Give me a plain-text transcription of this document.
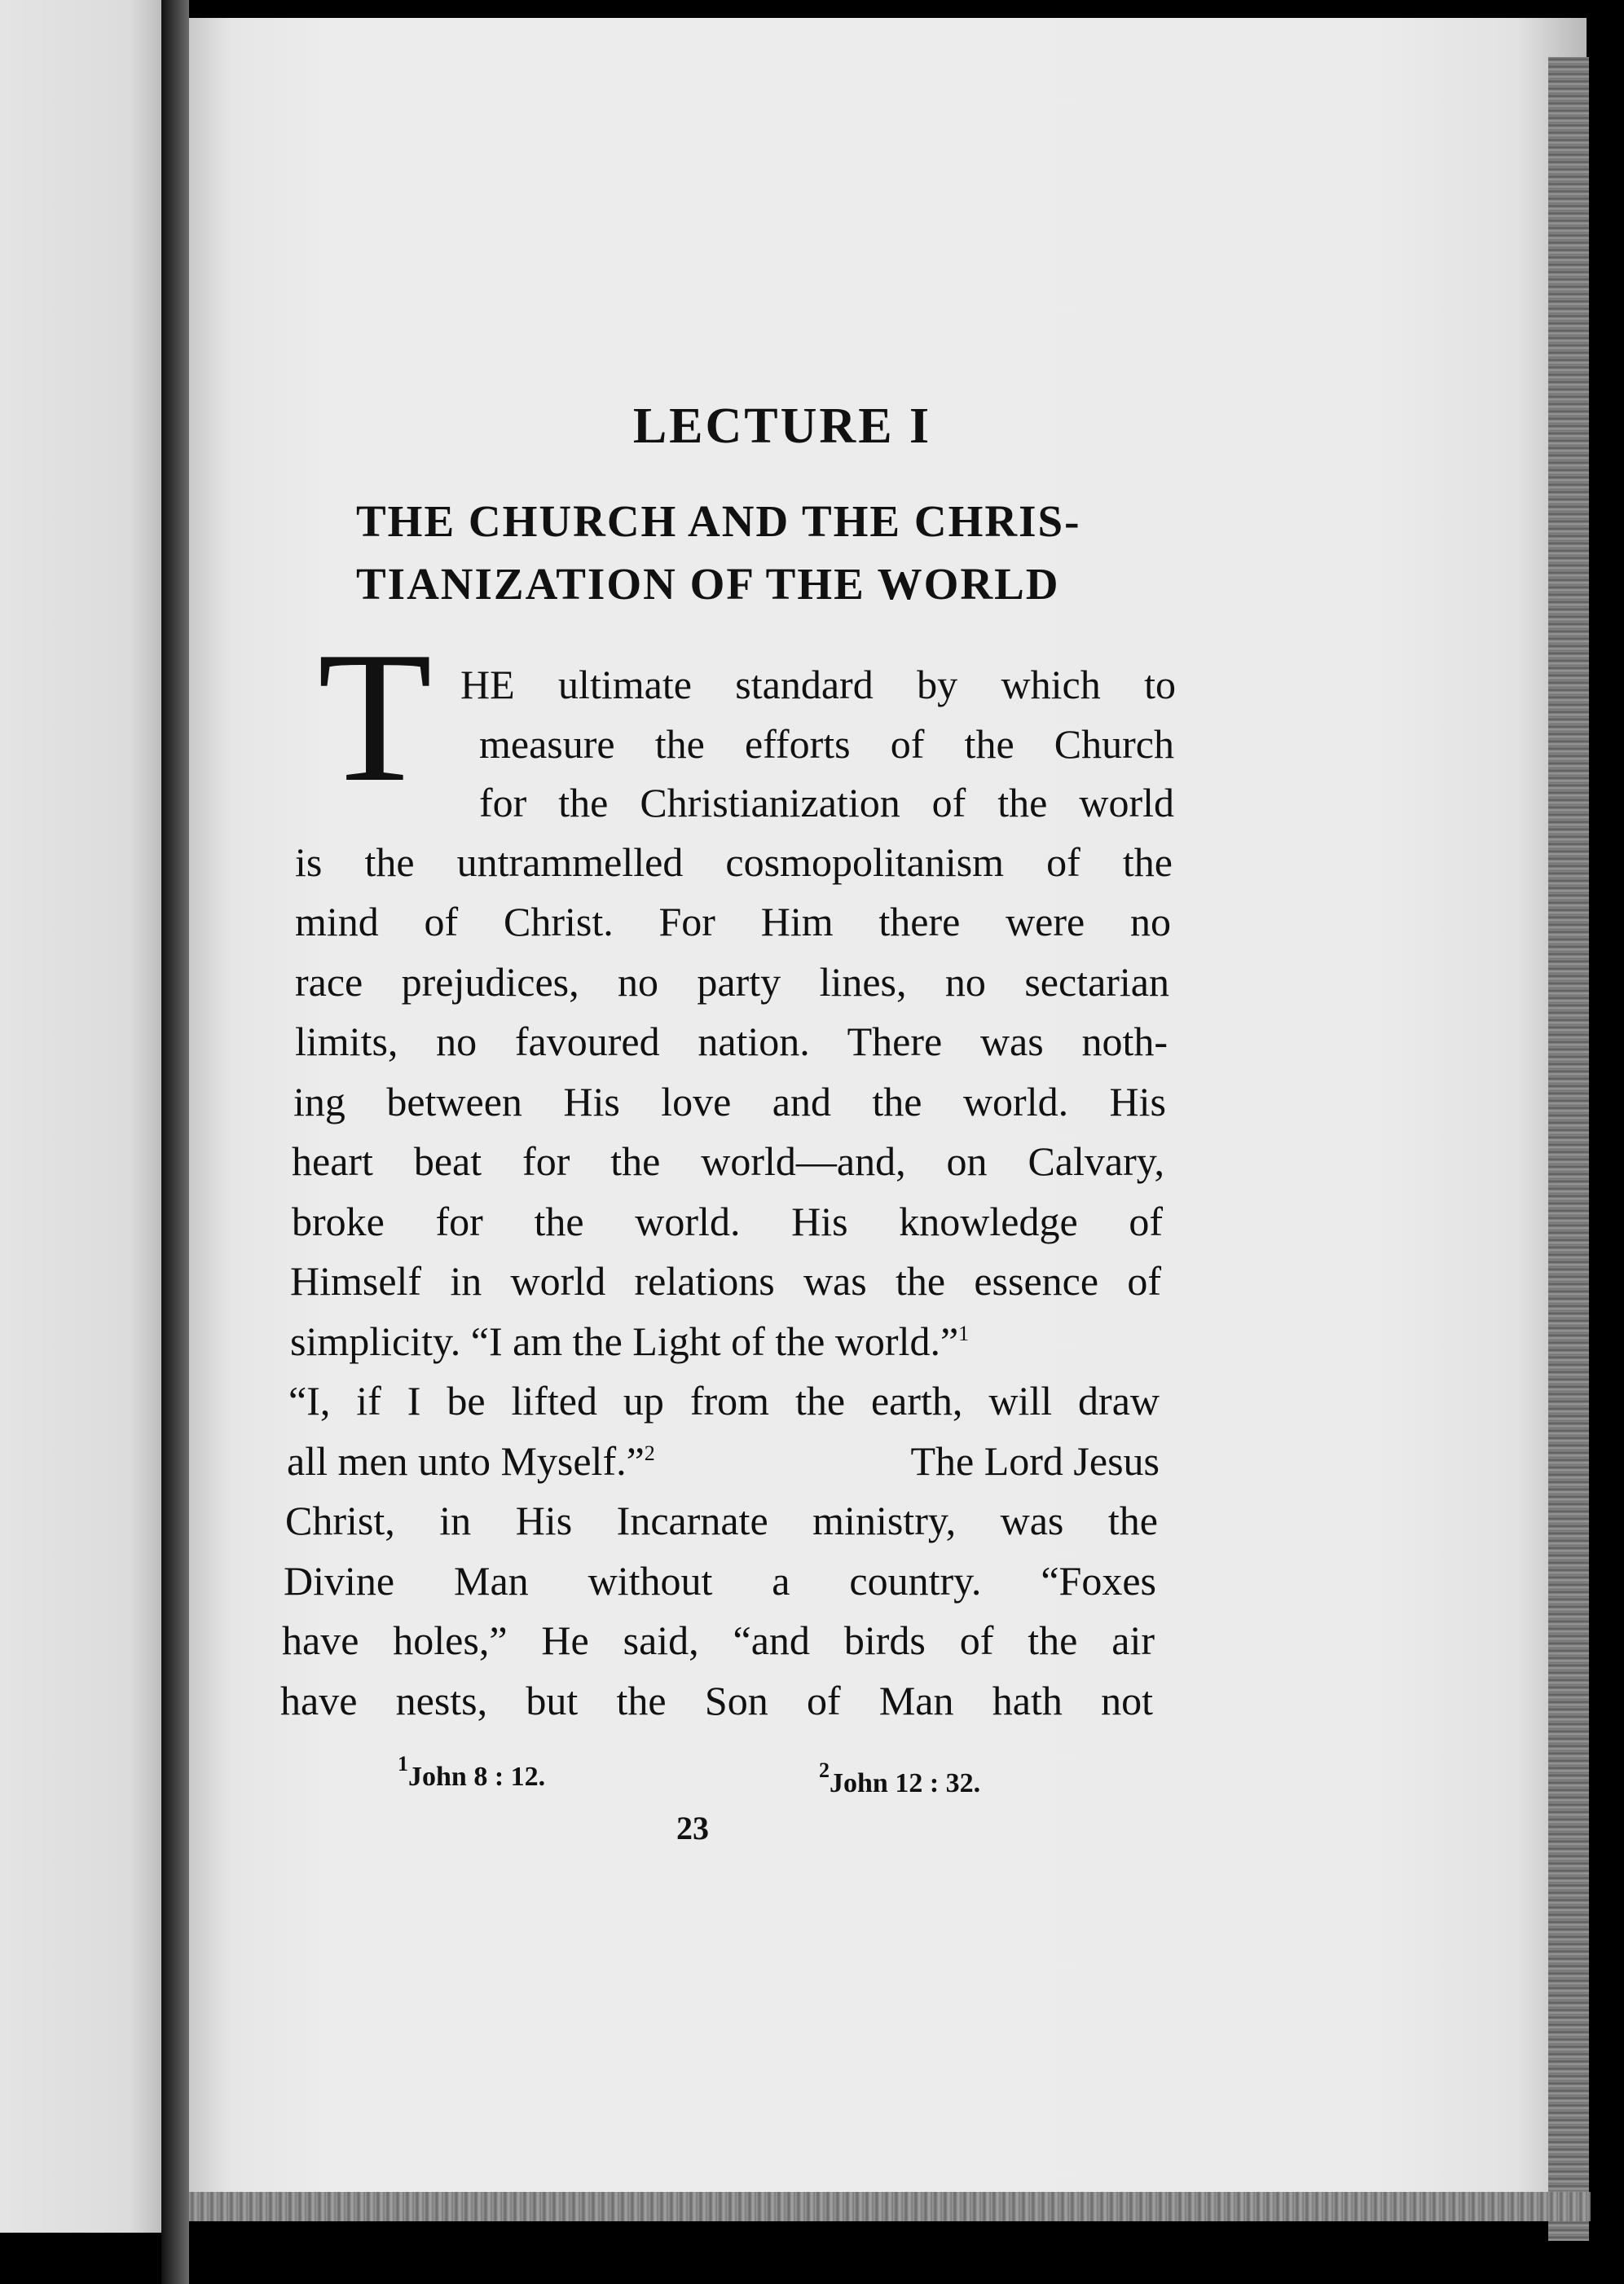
LECTURE I
THE CHURCH AND THE CHRIS-
TIANIZATION OF THE WORLD
T HE ultimate standard by which to
measure the efforts of the Church
for the Christianization of the world
is the untrammelled cosmopolitanism of the
mind of Christ. For Him there were no
race prejudices, no party lines, no sectarian
limits, no favoured nation. There was noth-
ing between His love and the world. His
heart beat for the world—and, on Calvary,
broke for the world. His knowledge of
Himself in world relations was the essence of
simplicity. “I am the Light of the world.”$^1$
“I, if I be lifted up from the earth, will draw
all men unto Myself.”$^2$	The Lord Jesus
Christ, in His Incarnate ministry, was the
Divine Man without a country. “Foxes
have holes,” He said, “and birds of the air
have nests, but the Son of Man hath not
$^1$John 8 : 12.	$^2$John 12 : 32.
23
